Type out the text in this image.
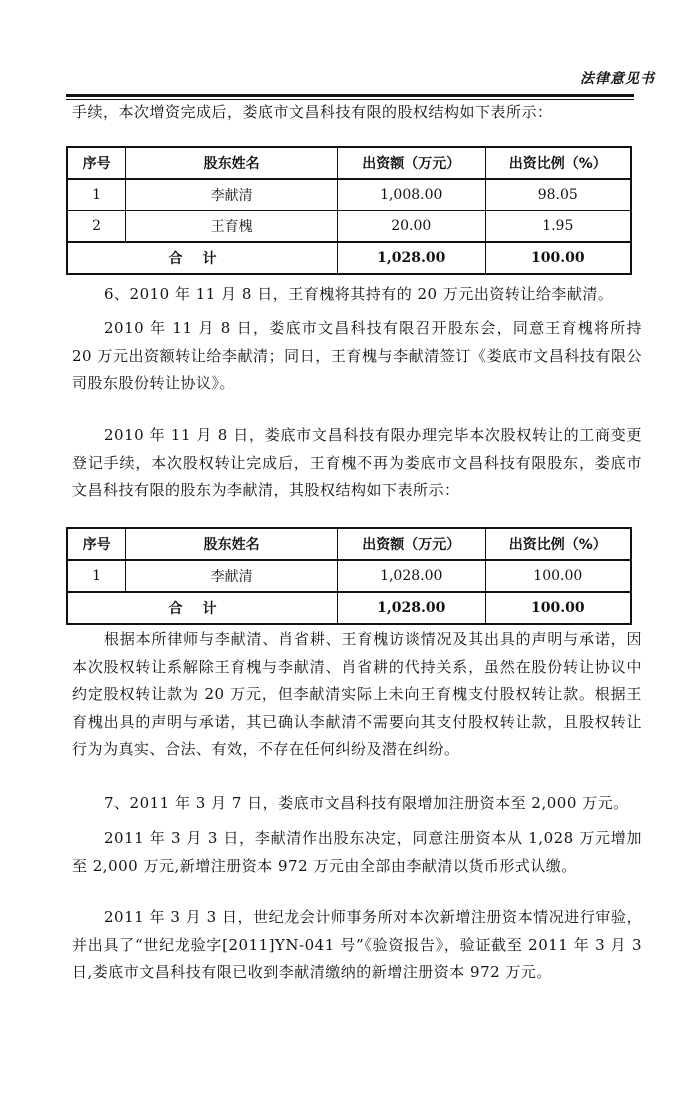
法律意见书

手续，本次增资完成后，娄底市文昌科技有限的股权结构如下表所示：

序号	股东姓名	出资额（万元）	出资比例（%）
1	李献清	1,008.00	98.05
2	王育槐	20.00	1.95
合计		1,028.00	100.00

6、2010 年 11 月 8 日，王育槐将其持有的 20 万元出资转让给李献清。

2010 年 11 月 8 日，娄底市文昌科技有限召开股东会，同意王育槐将所持 20 万元出资额转让给李献清；同日，王育槐与李献清签订《娄底市文昌科技有限公司股东股份转让协议》。

2010 年 11 月 8 日，娄底市文昌科技有限办理完毕本次股权转让的工商变更登记手续，本次股权转让完成后，王育槐不再为娄底市文昌科技有限股东，娄底市文昌科技有限的股东为李献清，其股权结构如下表所示：

序号	股东姓名	出资额（万元）	出资比例（%）
1	李献清	1,028.00	100.00
合计		1,028.00	100.00

根据本所律师与李献清、肖省耕、王育槐访谈情况及其出具的声明与承诺，因本次股权转让系解除王育槐与李献清、肖省耕的代持关系，虽然在股份转让协议中约定股权转让款为 20 万元，但李献清实际上未向王育槐支付股权转让款。根据王育槐出具的声明与承诺，其已确认李献清不需要向其支付股权转让款，且股权转让行为为真实、合法、有效，不存在任何纠纷及潜在纠纷。

7、2011 年 3 月 7 日，娄底市文昌科技有限增加注册资本至 2,000 万元。

2011 年 3 月 3 日，李献清作出股东决定，同意注册资本从 1,028 万元增加至 2,000 万元,新增注册资本 972 万元由全部由李献清以货币形式认缴。

2011 年 3 月 3 日，世纪龙会计师事务所对本次新增注册资本情况进行审验，并出具了“世纪龙验字[2011]YN-041 号”《验资报告》，验证截至 2011 年 3 月 3 日,娄底市文昌科技有限已收到李献清缴纳的新增注册资本 972 万元。
